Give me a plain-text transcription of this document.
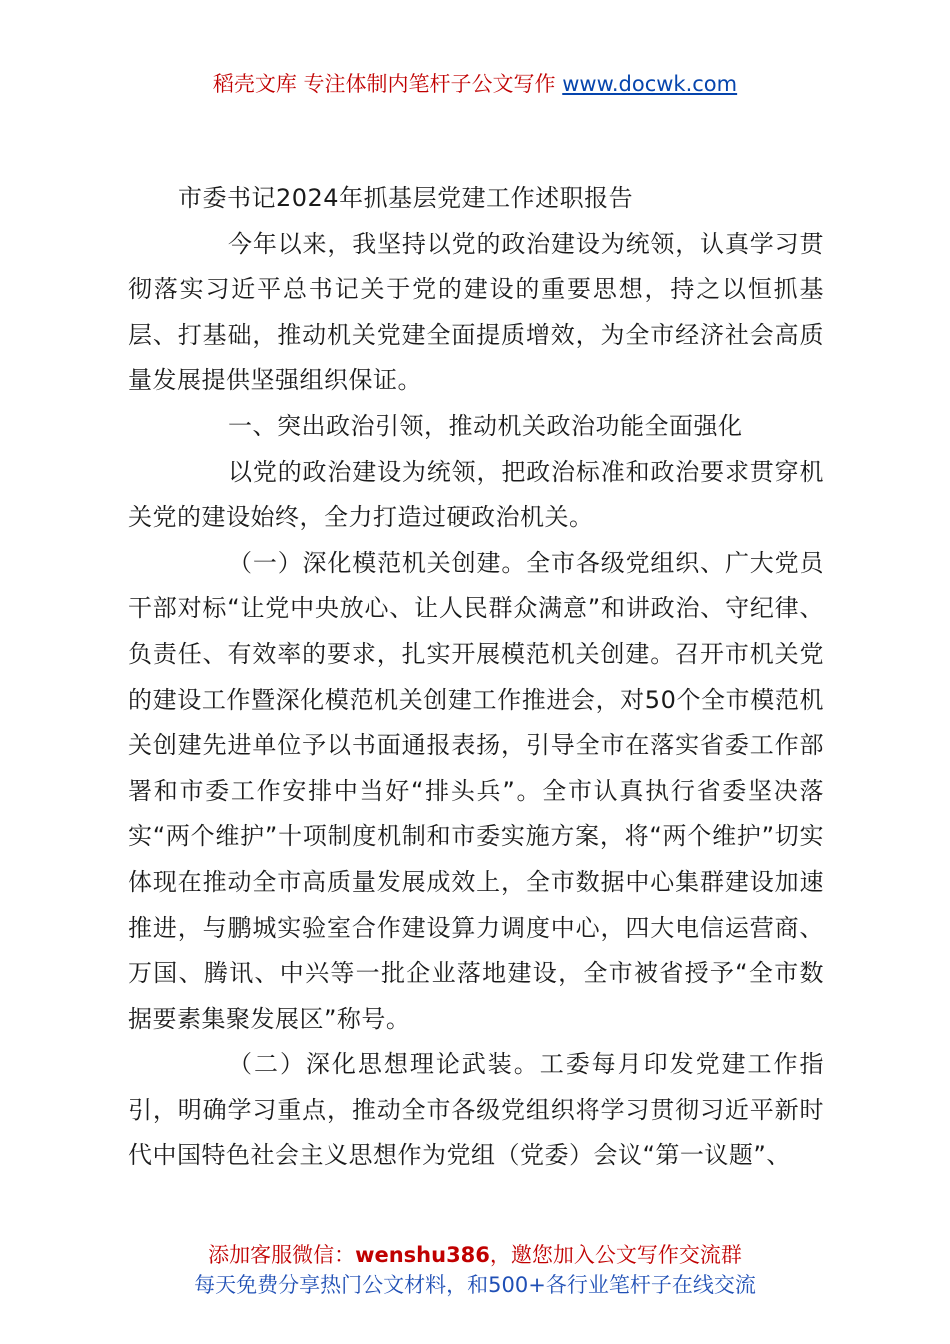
稻壳文库 专注体制内笔杆子公文写作 www.docwk.com

市委书记2024年抓基层党建工作述职报告

今年以来，我坚持以党的政治建设为统领，认真学习贯彻落实习近平总书记关于党的建设的重要思想，持之以恒抓基层、打基础，推动机关党建全面提质增效，为全市经济社会高质量发展提供坚强组织保证。

一、突出政治引领，推动机关政治功能全面强化

以党的政治建设为统领，把政治标准和政治要求贯穿机关党的建设始终，全力打造过硬政治机关。

（一）深化模范机关创建。全市各级党组织、广大党员干部对标“让党中央放心、让人民群众满意”和讲政治、守纪律、负责任、有效率的要求，扎实开展模范机关创建。召开市机关党的建设工作暨深化模范机关创建工作推进会，对50个全市模范机关创建先进单位予以书面通报表扬，引导全市在落实省委工作部署和市委工作安排中当好“排头兵”。全市认真执行省委坚决落实“两个维护”十项制度机制和市委实施方案，将“两个维护”切实体现在推动全市高质量发展成效上，全市数据中心集群建设加速推进，与鹏城实验室合作建设算力调度中心，四大电信运营商、万国、腾讯、中兴等一批企业落地建设，全市被省授予“全市数据要素集聚发展区”称号。

（二）深化思想理论武装。工委每月印发党建工作指引，明确学习重点，推动全市各级党组织将学习贯彻习近平新时代中国特色社会主义思想作为党组（党委）会议“第一议题”、

添加客服微信：wenshu386，邀您加入公文写作交流群
每天免费分享热门公文材料，和500+各行业笔杆子在线交流
